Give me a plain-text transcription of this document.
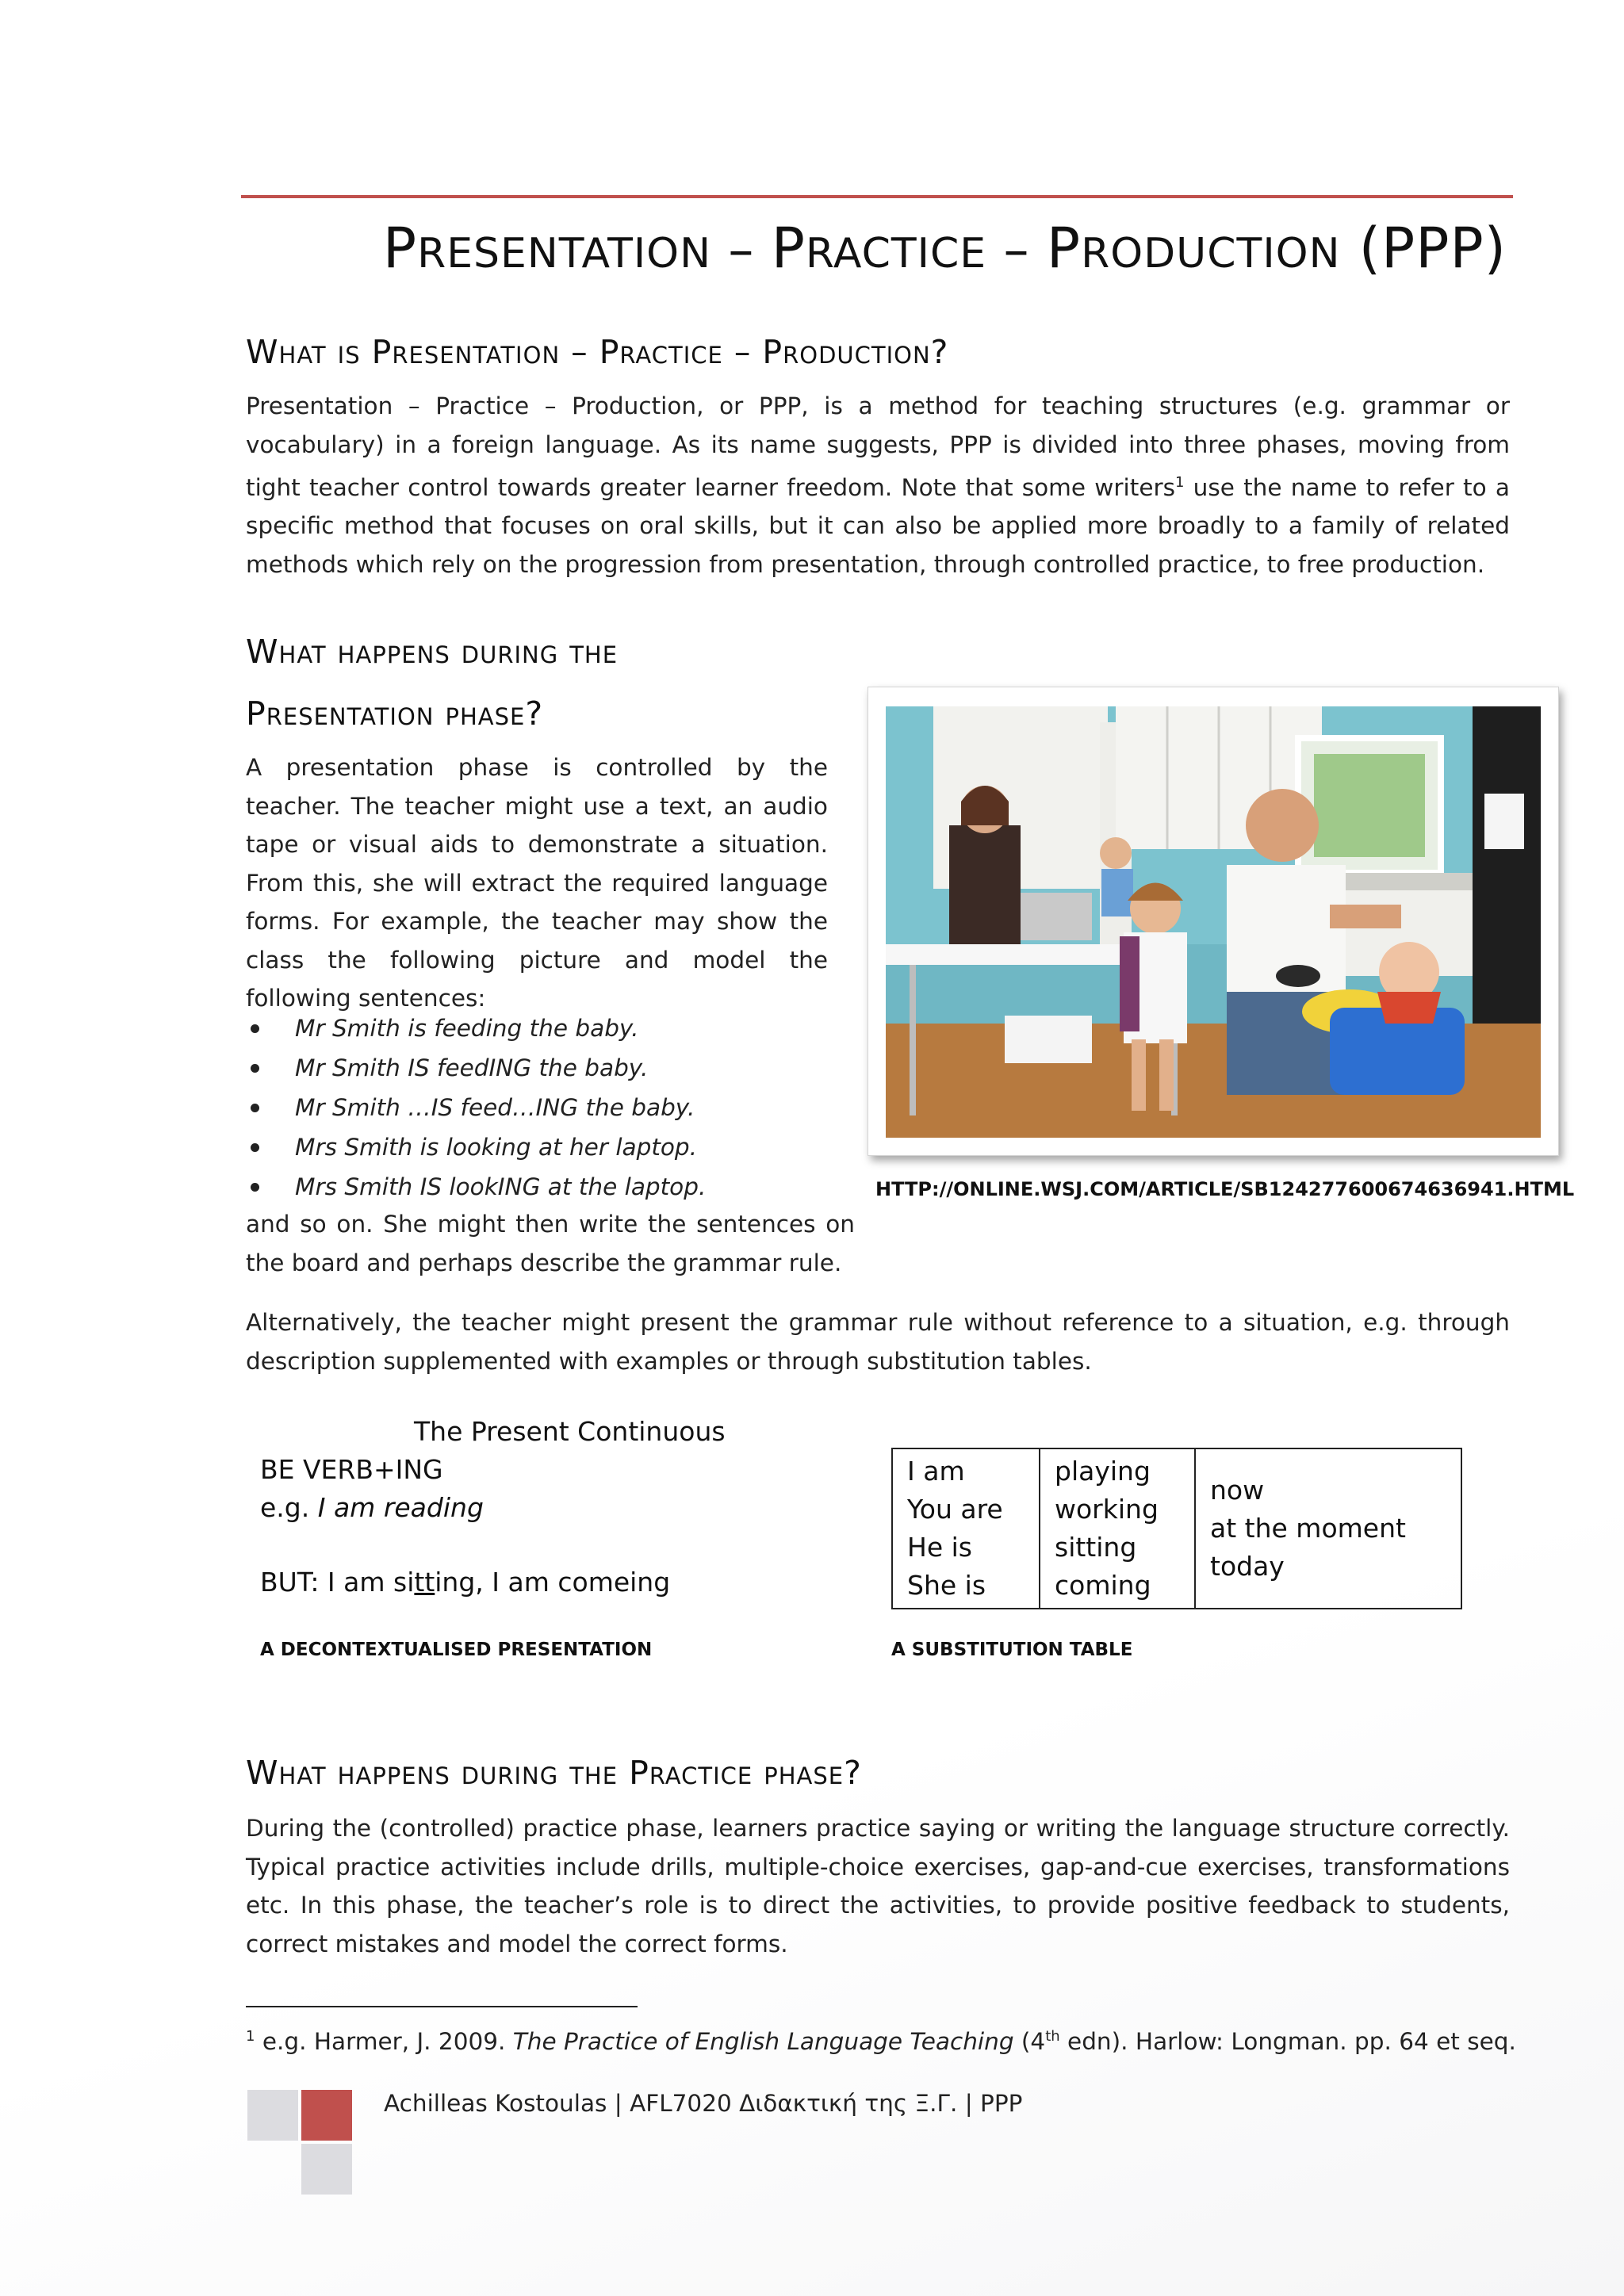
PRESENTATION – PRACTICE – PRODUCTION (PPP)
What is Presentation – Practice – Production?
Presentation – Practice – Production, or PPP, is a method for teaching structures (e.g. grammar or vocabulary) in a foreign language. As its name suggests, PPP is divided into three phases, moving from tight teacher control towards greater learner freedom. Note that some writers$^1$ use the name to refer to a specific method that focuses on oral skills, but it can also be applied more broadly to a family of related methods which rely on the progression from presentation, through controlled practice, to free production.
What happens during the
Presentation phase?
A presentation phase is controlled by the teacher. The teacher might use a text, an audio tape or visual aids to demonstrate a situation. From this, she will extract the required language forms. For example, the teacher may show the class the following picture and model the following sentences:
Mr Smith is feeding the baby.
Mr Smith IS feedING the baby.
Mr Smith …IS feed…ING the baby.
Mrs Smith is looking at her laptop.
Mrs Smith IS lookING at the laptop.
and so on. She might then write the sentences on the board and perhaps describe the grammar rule.
HTTP://ONLINE.WSJ.COM/ARTICLE/SB124277600674636941.HTML
Alternatively, the teacher might present the grammar rule without reference to a situation, e.g. through description supplemented with examples or through substitution tables.
The Present Continuous
BE VERB+ING
e.g. I am reading
BUT: I am sitting, I am comeing
A DECONTEXTUALISED PRESENTATION
I am
You are
He is
She is

playing
working
sitting
coming

now
at the moment
today
A SUBSTITUTION TABLE
What happens during the Practice phase?
During the (controlled) practice phase, learners practice saying or writing the language structure correctly. Typical practice activities include drills, multiple-choice exercises, gap-and-cue exercises, transformations etc. In this phase, the teacher’s role is to direct the activities, to provide positive feedback to students, correct mistakes and model the correct forms.
$^1$ e.g. Harmer, J. 2009. The Practice of English Language Teaching (4th edn). Harlow: Longman. pp. 64 et seq.
Achilleas Kostoulas | AFL7020 Διδακτική της Ξ.Γ. | PPP
